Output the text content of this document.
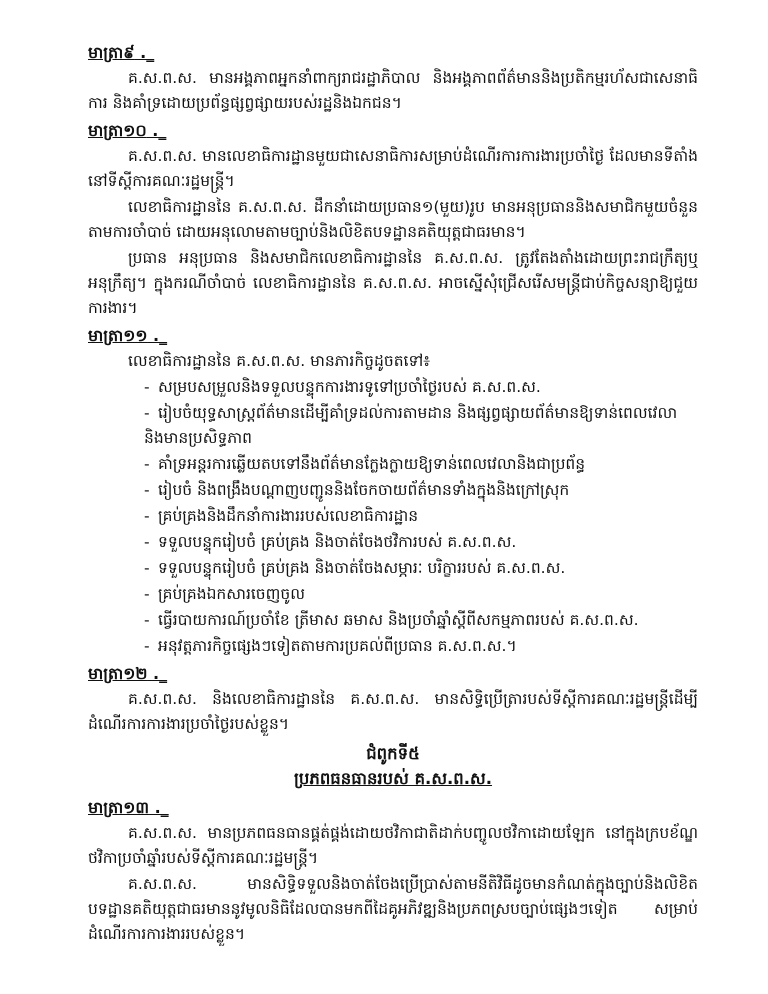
មាត្រា៩ ._

គ.ស.ព.ស. មានអង្គភាពអ្នកនាំពាក្យរាជរដ្ឋាភិបាល និងអង្គភាពព័ត៌មាននិងប្រតិកម្មរហ័សជាសេនាធិការ និងគាំទ្រដោយប្រព័ន្ធផ្សព្វផ្សាយរបស់រដ្ឋនិងឯកជន។

មាត្រា១០ ._

គ.ស.ព.ស. មានលេខាធិការដ្ឋានមួយជាសេនាធិការសម្រាប់ដំណើរការការងារប្រចាំថ្ងៃ ដែលមានទីតាំងនៅទីស្តីការគណៈរដ្ឋមន្ត្រី។

លេខាធិការដ្ឋាននៃ គ.ស.ព.ស. ដឹកនាំដោយប្រធាន១(មួយ)រូប មានអនុប្រធាននិងសមាជិកមួយចំនួនតាមការចាំបាច់ ដោយអនុលោមតាមច្បាប់និងលិខិតបទដ្ឋានគតិយុត្តជាធរមាន។

ប្រធាន អនុប្រធាន និងសមាជិកលេខាធិការដ្ឋាននៃ គ.ស.ព.ស. ត្រូវតែងតាំងដោយព្រះរាជក្រឹត្យឬអនុក្រឹត្យ។ ក្នុងករណីចាំបាច់ លេខាធិការដ្ឋាននៃ គ.ស.ព.ស. អាចស្នើសុំជ្រើសរើសមន្ត្រីជាប់កិច្ចសន្យាឱ្យជួយការងារ។

មាត្រា១១ ._

លេខាធិការដ្ឋាននៃ គ.ស.ព.ស. មានភារកិច្ចដូចតទៅ៖

- សម្របសម្រួលនិងទទួលបន្ទុកការងារទូទៅប្រចាំថ្ងៃរបស់ គ.ស.ព.ស.
- រៀបចំយុទ្ធសាស្ត្រព័ត៌មានដើម្បីគាំទ្រដល់ការតាមដាន និងផ្សព្វផ្សាយព័ត៌មានឱ្យទាន់ពេលវេលា និងមានប្រសិទ្ធភាព
- គាំទ្រអន្តរការឆ្លើយតបទៅនឹងព័ត៌មានក្លែងក្លាយឱ្យទាន់ពេលវេលានិងជាប្រព័ន្ធ
- រៀបចំ និងពង្រឹងបណ្តាញបញ្ជូននិងចែកចាយព័ត៌មានទាំងក្នុងនិងក្រៅស្រុក
- គ្រប់គ្រងនិងដឹកនាំការងាររបស់លេខាធិការដ្ឋាន
- ទទួលបន្ទុករៀបចំ គ្រប់គ្រង និងចាត់ចែងថវិការបស់ គ.ស.ព.ស.
- ទទួលបន្ទុករៀបចំ គ្រប់គ្រង និងចាត់ចែងសម្ភារៈ បរិក្ខាររបស់ គ.ស.ព.ស.
- គ្រប់គ្រងឯកសារចេញចូល
- ធ្វើរបាយការណ៍ប្រចាំខែ ត្រីមាស ឆមាស និងប្រចាំឆ្នាំស្តីពីសកម្មភាពរបស់ គ.ស.ព.ស.
- អនុវត្តភារកិច្ចផ្សេងៗទៀតតាមការប្រគល់ពីប្រធាន គ.ស.ព.ស.។
មាត្រា១២ ._

គ.ស.ព.ស. និងលេខាធិការដ្ឋាននៃ គ.ស.ព.ស. មានសិទ្ធិប្រើត្រារបស់ទីស្តីការគណៈរដ្ឋមន្ត្រីដើម្បីដំណើរការការងារប្រចាំថ្ងៃរបស់ខ្លួន។

ជំពូកទី៥
ប្រភពធនធានរបស់ គ.ស.ព.ស.
មាត្រា១៣ ._

គ.ស.ព.ស. មានប្រភពធនធានផ្គត់ផ្គង់ដោយថវិកាជាតិដាក់បញ្ចូលថវិកាដោយឡែក នៅក្នុងក្របខ័ណ្ឌថវិកាប្រចាំឆ្នាំរបស់ទីស្តីការគណៈរដ្ឋមន្ត្រី។

គ.ស.ព.ស. មានសិទ្ធិទទួលនិងចាត់ចែងប្រើប្រាស់តាមនីតិវិធីដូចមានកំណត់ក្នុងច្បាប់និងលិខិតបទដ្ឋានគតិយុត្តជាធរមាននូវមូលនិធិដែលបានមកពីដៃគូអភិវឌ្ឍនិងប្រភពស្របច្បាប់ផ្សេងៗទៀត សម្រាប់ដំណើរការការងាររបស់ខ្លួន។
